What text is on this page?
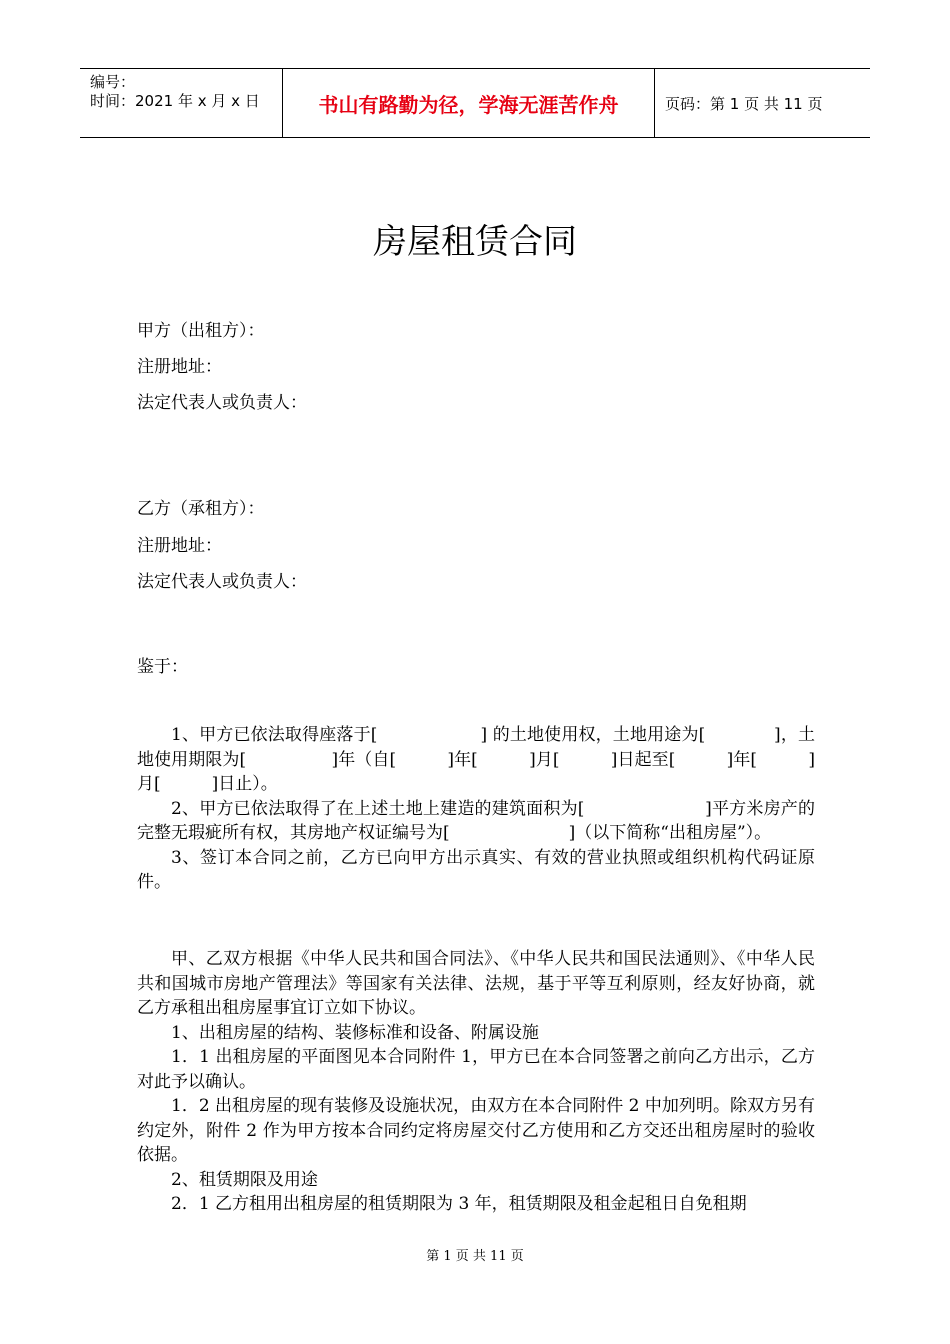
编号：
时间：2021 年 x 月 x 日	书山有路勤为径，学海无涯苦作舟	页码：第 1 页 共 11 页
房屋租赁合同
甲方（出租方）：
注册地址：
法定代表人或负责人：
乙方（承租方）：
注册地址：
法定代表人或负责人：
鉴于：

1、甲方已依法取得座落于[　　　　　　] 的土地使用权，土地用途为[　　　　]，土地使用期限为[　　　　　]年（自[　　　]年[　　　]月[　　　]日起至[　　　]年[　　　]月[　　　]日止）。

2、甲方已依法取得了在上述土地上建造的建筑面积为[　　　　　　　]平方米房产的完整无瑕疵所有权，其房地产权证编号为[　　　　　　　]（以下简称“出租房屋”）。

3、签订本合同之前，乙方已向甲方出示真实、有效的营业执照或组织机构代码证原件。

甲、乙双方根据《中华人民共和国合同法》、《中华人民共和国民法通则》、《中华人民共和国城市房地产管理法》等国家有关法律、法规，基于平等互利原则，经友好协商，就乙方承租出租房屋事宜订立如下协议。

1、出租房屋的结构、装修标准和设备、附属设施

1．1 出租房屋的平面图见本合同附件 1，甲方已在本合同签署之前向乙方出示，乙方对此予以确认。

1．2 出租房屋的现有装修及设施状况，由双方在本合同附件 2 中加列明。除双方另有约定外，附件 2 作为甲方按本合同约定将房屋交付乙方使用和乙方交还出租房屋时的验收依据。

2、租赁期限及用途

2．1 乙方租用出租房屋的租赁期限为 3 年，租赁期限及租金起租日自免租期

第 1 页 共 11 页
